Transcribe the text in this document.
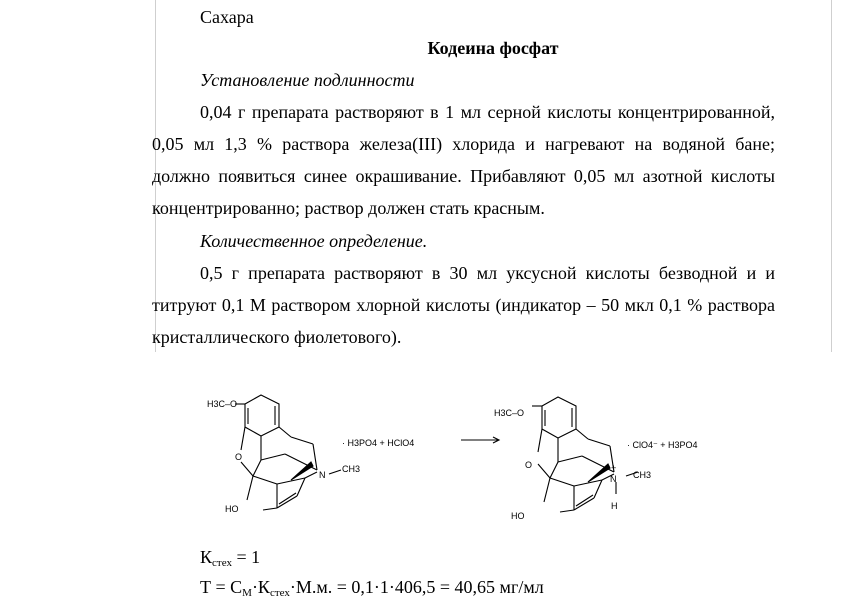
Сахара
Кодеина фосфат
Установление подлинности
0,04 г препарата растворяют в 1 мл серной кислоты концентрированной,
0,05 мл 1,3 % раствора железа(III) хлорида и нагревают на водяной бане;
должно появиться синее окрашивание. Прибавляют 0,05 мл азотной кислоты
концентрированно; раствор должен стать красным.
Количественное определение.
0,5 г препарата растворяют в 30 мл уксусной кислоты безводной и и
титруют 0,1 М раствором хлорной кислоты (индикатор – 50 мкл 0,1 % раствора
кристаллического фиолетового).
H3C–O
O
N
CH3
HO
· H3PO4 + HClO4
H3C–O
O
N
+
CH3
H
HO
· ClO4⁻ + H3PO4
$К_{стех} = 1$
$Т = С_М\cdot К_{стех}\cdot М.м$. = 0,1·1·406,5 = 40,65 мг/мл
